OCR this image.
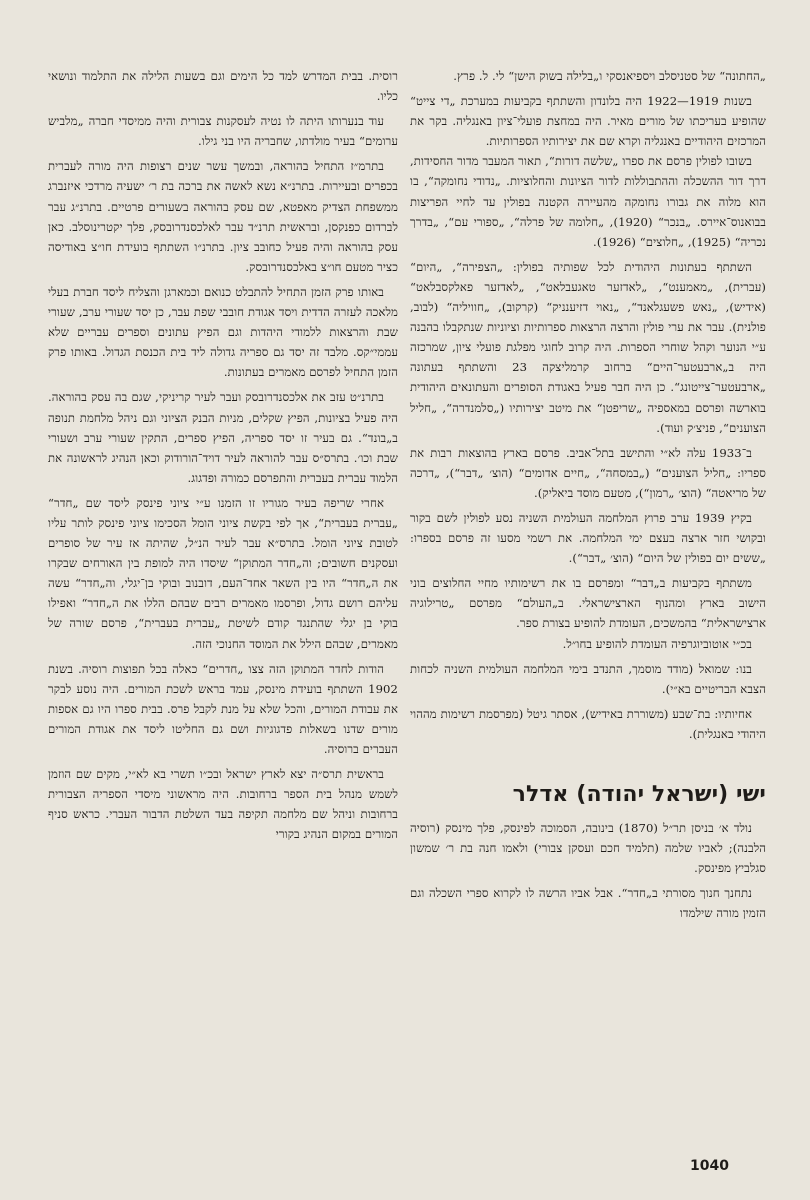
„החתונה“ של סטניסלב ויספיאנסקי ו„בלילה בשוק הישן“ לי. ל. פרץ.

בשנות 1919—1922 היה בלונדון והשתתף בקביעות במערכת „די צייט“ שהופיע בעריכתו של מורים מאיר. היה במחצת פועלי־ציון באנגליה. בקר את המרכזים היהודיים באנגליה וקרא שם את יצירותיו הספרותיות.

בשובו לפולין פרסם את ספרו „שלשה דורות“, תאור המעבר מדור החסידות, דרך דור ההשכלה וההתבוללות לדור הציונות והחלוציות. „נדודי נחומקה“, בו הוא מלוה את גבורו נחומקה מהעיירה הקטנה בפולין עד לחיי הפריצות בבואנוס־איירס. „בנכר“ (1920), „חלומה של פרלה“, „ספורי עם“, „בדרך נכריה“ (1925), „חלוצים“ (1926).

השתתף בעתונות היהודית לכל שפותיה בפולין: „הצפירה“, „היום“ (עברית), „מאמענט“, „לאדזער טאגעבלאט“, „לאדזער פאלקסבלאט“ (אידיש), „נאש פשעגלאנד“, „נאוי דזיענניק“ (קרקוב), „חוויליה“ (לבוב, פולנית). עבר את ערי פולין והרצה הרצאות ספרותיות וציוניות שנתקבלו בהבנה ע״י הנוער וקהל שוחרי הספרות. היה קרוב לחוגי מפלגת פועלי ציון, שמרכזה היה ב„ארבעטער־היים“ ברחוב קרמליצקה 23 והשתתף בעתונה „ארבעטער־צייטונג“. כן היה חבר פעיל באגודת הסופרים והעתונאים היהודית בוארשה ופרסם במאספיה „שריפטן“ את מיטב יצירותיו („סלמנדרה“, „חליל הצוענים“, פניצ׳ק ועוד).

ב־1933 עלה לא״י והתישב בתל־אביב. פרסם בארץ בהוצאות רבות את ספריו: „חליל הצוענים“ („במסחה“, „חיים אדומים“ (הוצ׳ „דבר“), „דרכה של מריאטה“ (הוצ׳ „רמון“), מטעם מוסד ביאליק).

בקיץ 1939 ערב פרוץ המלחמה העולמית השניה נסע לפולין לשם בקור ובקושי חזר ארצה בעצם ימי המלחמה. את רשמי מסעו זה פרסם בספרו: „ששים יום בפולין של היום“ (הוצ׳ „דבר“).

משתתף בקביעות ב„דבר“ ומפרסם בו את רשימותיו מחיי החלוצים בוני הישוב בארץ ומהנוף הארצישראלי. ב„העולם“ מפרסם „טרילוגיה ארצישראלית“ בהמשכים, העומדת להופיע בצורת ספר.

בכ״י אוטוביוגרפיה העומדת להופיע בחו״ל.

בנו: שמואל (מודד מוסמך, התנדב בימי המלחמה העולמית השניה לכחות הצבא הבריטיים בא״י).

אחיותיו: בת־שבע (משוררת באידיש), אסתר גיטל (מפרסמת רשימות מההוי היהודי באנגלית).

ישי (ישראל יהודה) אדלר

נולד א׳ בניסן תר״ל (1870) בינובה, הסמוכה לפינסק, פלך מינסק (רוסיה הלבנה); לאביו שלמה (תלמיד חכם ועסקן צבורי) ולאמו חנה בת ר׳ שמשון סגלביץ מפינסק.

נתחנך חנוך מסורתי ב„חדר“. אבל אביו הרשה לו לקרוא ספרי השכלה וגם הזמין מורה שילמדו

רוסית. בבית המדרש למד כל הימים וגם בשעות הלילה את התלמוד ונושאי כליו.

עוד בנערותו היתה לו נטיה לעסקנות צבורית והיה ממיסדי חברה „מלביש ערומים“ בעיר מולדתו, שחבריה היו בני גילו.

בתרמ״ז התחיל בהוראה, ובמשך עשר שנים רצופות היה מורה לעברית בכפרים ובעיירות. בתרנ״א נשא לאשה את ברכה בת ר׳ ישעיה מרדכי איזנברג ממשפחת הצדיק מאפטא, שם עסק בהוראה בשעורים פרטיים. בתרנ״ג עבר לברדום כפנקסן, ובראשית תרנ״ד עבר לאלכסנדרובסק, פלך יקטרינוסלב. כאן עסק בהוראה והיה פעיל כחובב ציון. בתרנ״ו השתתף בועידת חו״צ באודיסה כציר מטעם חו״צ באלכסנדרובסק.

באותו פרק הזמן התחיל להתבלט כנואם וכמארגן והצליח ליסד חברת בעלי מלאכה לעזרה הדדית ויסד אגודת חובבי שפת עבר, כן יסד שעורי ערב, שעורי שבת והרצאות ללמודי היהדות וגם הפיץ עתונים וספרים עבריים שלא עממי״קס. מלבד זה יסד גם ספריה גדולה ליד בית הכנסת הגדול. באותו פרק הזמן התחיל לפרסם מאמרים בעתונות.

בתרנ״ט עזב את אלכסנדרובסק ועבר לעיר קריניקי, שגם בה עסק בהוראה. היה פעיל בציונות, הפיץ שקלים, מניות הבנק הציוני וגם ניהל מלחמת תנופה ב„בונד“. גם בעיר זו יסד ספריה, הפיץ ספרים, התקין שעורי ערב ושעורי שבת וכו׳. בתרס״ס עבר להוראה לעיר דויד־הורודוק וכאן הנהיג לראשונה את הלמוד עברית בעברית והתפרסם כמורה ופדגוג.

אחרי שריפה בעיר מגוריו זו הזמנו ע״י ציוני פינסק ליסד שם „חדר“ „עברית בעברית“, אך לפי בקשת ציוני הומל הסכימו ציוני פינסק לותר עליו לטובת ציוני הומל. בתרס״א עבר לעיר הנ״ל, שהיתה אז עיר של סופרים ועסקנים חשובים; וה„חדר המתוקן“ שיסדו היה למופת בין האורחים שבקרו את ה„חדר“ היו בין השאר אחד־העם, דובנוב ובוקי בן־יגלי, וה„חדר“ עשה עליהם רושם גדול, ופרסמו מאמרים רבים שבהם הללו את ה„חדר“ ואפילו בוקי בן יגלי שהתנגד קודם לשיטת „עברית בעברית“, פרסם שורה של מאמרים, שבהם הילל את המוסד החנוכי הזה.

הודות לחדר המתוקן הזה צצו „חדרים“ כאלה בכל תפוצות רוסיה. בשנת 1902 השתתף בועידת מינסק, עמד בראש לשכת המורים. היה נוסע לבקר את עבודת המורים, והכל שלא על מנת לקבל פרס. בבית ספרו היו גם אספות מורים שדנו בשאלות פדגוגיות ושם גם החליטו ליסד את אגודת המורים העברים ברוסיה.

בראשית תרס״ה יצא לארץ ישראל ובכ״ו תשרי בא לא״י, מקים שם הוזמן לשמש מנהל בית הספר ברחובות. היה מראשוני מיסדי הספריה הצבורית ברחובות וניהל שם מלחמה תקיפה בעד השלטת הדבור העברי. כראש סניף המורים במקום הנהיג בקורי

1040
